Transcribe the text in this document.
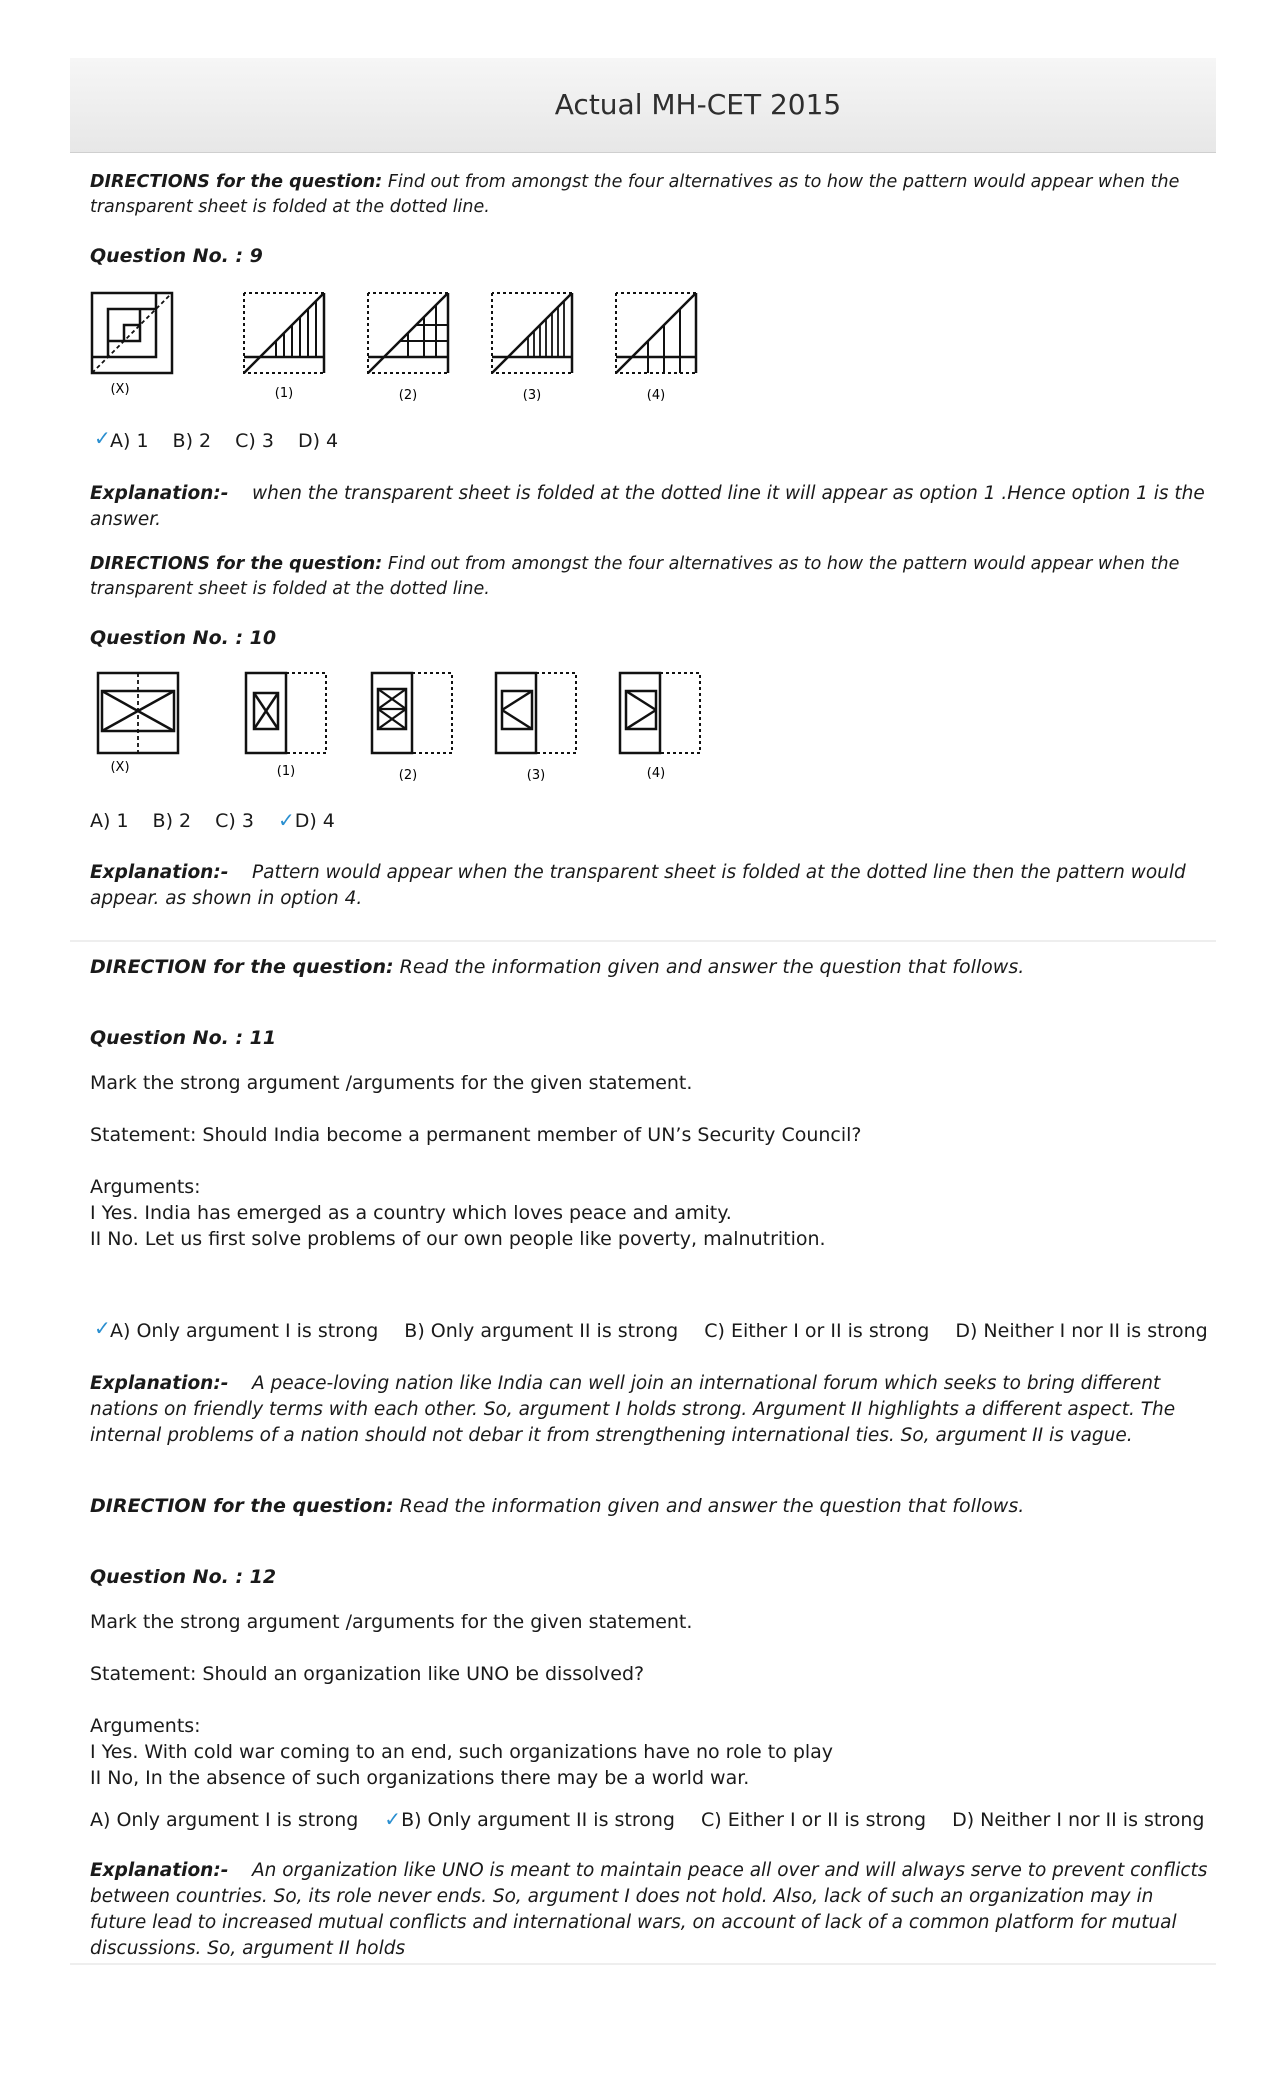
Actual MH-CET 2015
DIRECTIONS for the question: Find out from amongst the four alternatives as to how the pattern would appear when the transparent sheet is folded at the dotted line.
Question No. : 9
(X)	(1)	(2)	(3)	(4)
✓ A) 1 B) 2 C) 3 D) 4
Explanation:- when the transparent sheet is folded at the dotted line it will appear as option 1 .Hence option 1 is the answer.
DIRECTIONS for the question: Find out from amongst the four alternatives as to how the pattern would appear when the transparent sheet is folded at the dotted line.
Question No. : 10
(X)	(1)	(2)	(3)	(4)
A) 1 B) 2 C) 3 ✓D) 4
Explanation:- Pattern would appear when the transparent sheet is folded at the dotted line then the pattern would appear. as shown in option 4.
DIRECTION for the question: Read the information given and answer the question that follows.
Question No. : 11
Mark the strong argument /arguments for the given statement.
Statement: Should India become a permanent member of UN’s Security Council?
Arguments:
I Yes. India has emerged as a country which loves peace and amity.
II No. Let us first solve problems of our own people like poverty, malnutrition.
✓ A) Only argument I is strong B) Only argument II is strong C) Either I or II is strong D) Neither I nor II is strong
Explanation:- A peace-loving nation like India can well join an international forum which seeks to bring different nations on friendly terms with each other. So, argument I holds strong. Argument II highlights a different aspect. The internal problems of a nation should not debar it from strengthening international ties. So, argument II is vague.
DIRECTION for the question: Read the information given and answer the question that follows.
Question No. : 12
Mark the strong argument /arguments for the given statement.
Statement: Should an organization like UNO be dissolved?
Arguments:
I Yes. With cold war coming to an end, such organizations have no role to play
II No, In the absence of such organizations there may be a world war.
A) Only argument I is strong ✓B) Only argument II is strong C) Either I or II is strong D) Neither I nor II is strong
Explanation:- An organization like UNO is meant to maintain peace all over and will always serve to prevent conflicts between countries. So, its role never ends. So, argument I does not hold. Also, lack of such an organization may in future lead to increased mutual conflicts and international wars, on account of lack of a common platform for mutual discussions. So, argument II holds
